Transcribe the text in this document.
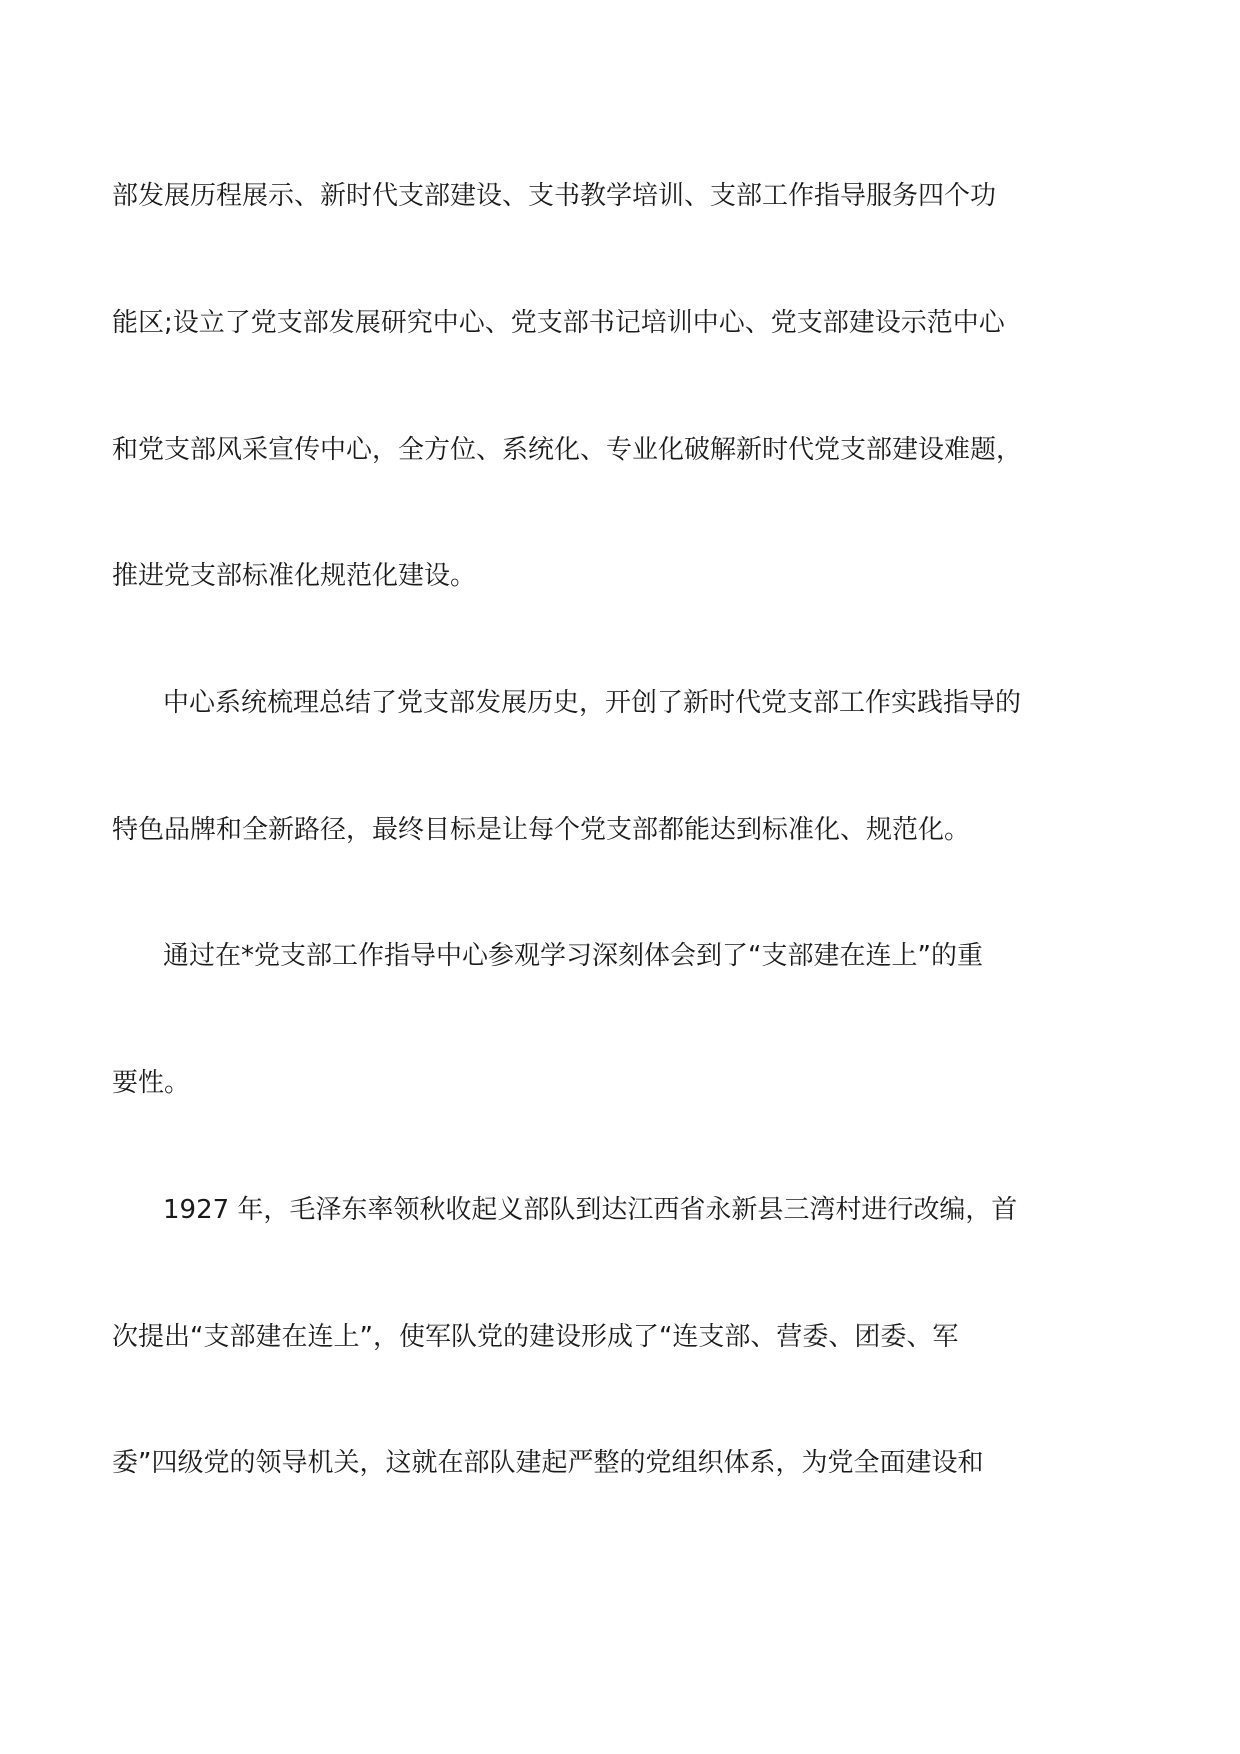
部发展历程展示、新时代支部建设、支书教学培训、支部工作指导服务四个功

能区;设立了党支部发展研究中心、党支部书记培训中心、党支部建设示范中心

和党支部风采宣传中心，全方位、系统化、专业化破解新时代党支部建设难题，

推进党支部标准化规范化建设。

中心系统梳理总结了党支部发展历史，开创了新时代党支部工作实践指导的

特色品牌和全新路径，最终目标是让每个党支部都能达到标准化、规范化。

通过在*党支部工作指导中心参观学习深刻体会到了“支部建在连上”的重

要性。

1927 年，毛泽东率领秋收起义部队到达江西省永新县三湾村进行改编，首

次提出“支部建在连上”，使军队党的建设形成了“连支部、营委、团委、军

委”四级党的领导机关，这就在部队建起严整的党组织体系，为党全面建设和
